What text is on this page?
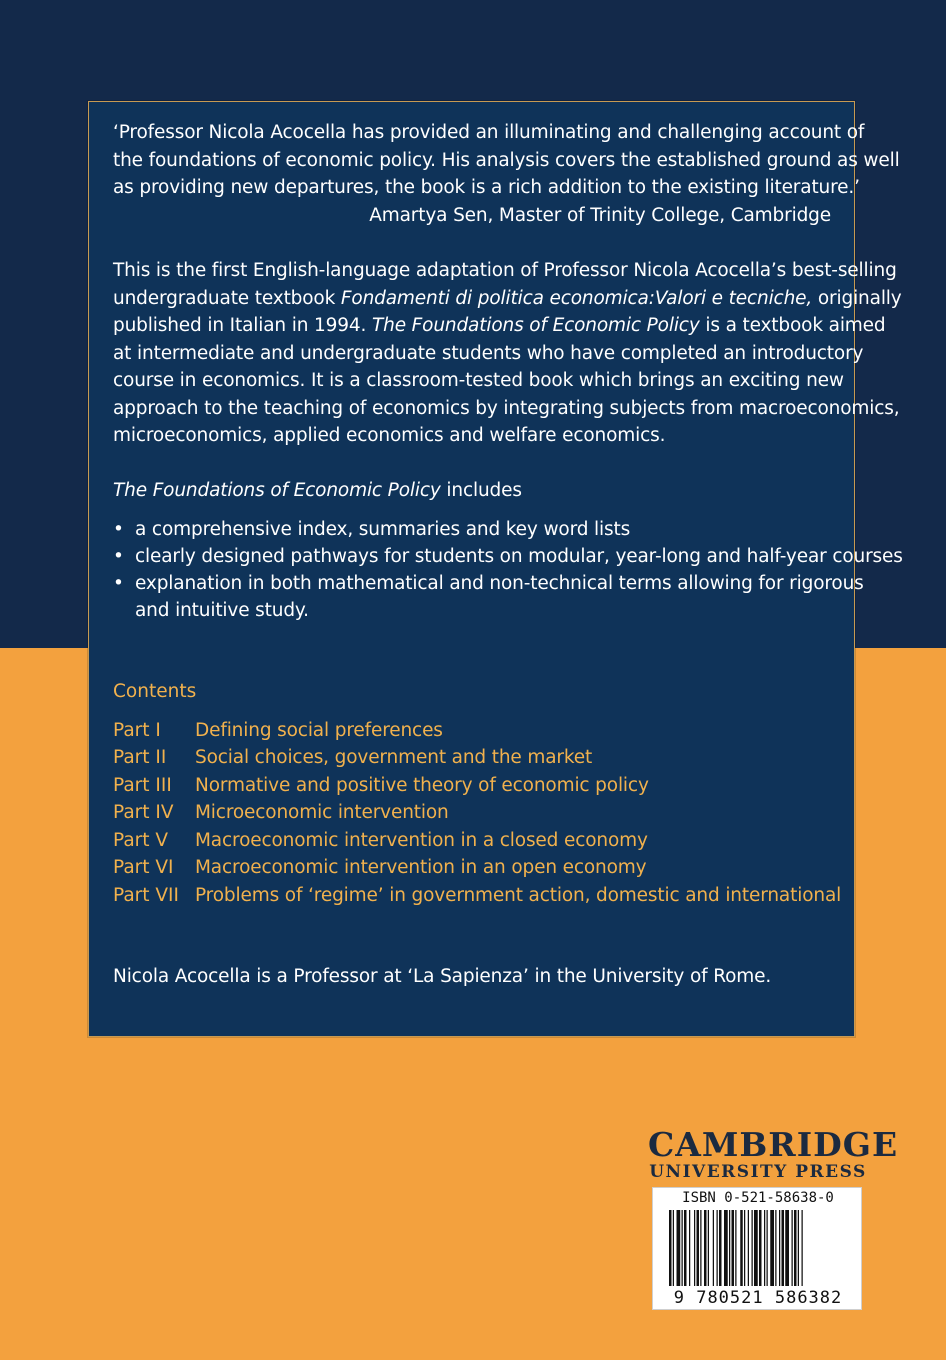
‘Professor Nicola Acocella has provided an illuminating and challenging account of
the foundations of economic policy. His analysis covers the established ground as well
as providing new departures, the book is a rich addition to the existing literature.’
Amartya Sen, Master of Trinity College, Cambridge
This is the first English-language adaptation of Professor Nicola Acocella’s best-selling
undergraduate textbook Fondamenti di politica economica:Valori e tecniche, originally
published in Italian in 1994. The Foundations of Economic Policy is a textbook aimed
at intermediate and undergraduate students who have completed an introductory
course in economics. It is a classroom-tested book which brings an exciting new
approach to the teaching of economics by integrating subjects from macroeconomics,
microeconomics, applied economics and welfare economics.
The Foundations of Economic Policy includes
• a comprehensive index, summaries and key word lists
• clearly designed pathways for students on modular, year-long and half-year courses
• explanation in both mathematical and non-technical terms allowing for rigorous
and intuitive study.
Contents
Part I Defining social preferences
Part II Social choices, government and the market
Part III Normative and positive theory of economic policy
Part IV Microeconomic intervention
Part V Macroeconomic intervention in a closed economy
Part VI Macroeconomic intervention in an open economy
Part VII Problems of ‘regime’ in government action, domestic and international
Nicola Acocella is a Professor at ‘La Sapienza’ in the University of Rome.
CAMBRIDGE
UNIVERSITY PRESS
ISBN 0-521-58638-0
9 780521 586382
